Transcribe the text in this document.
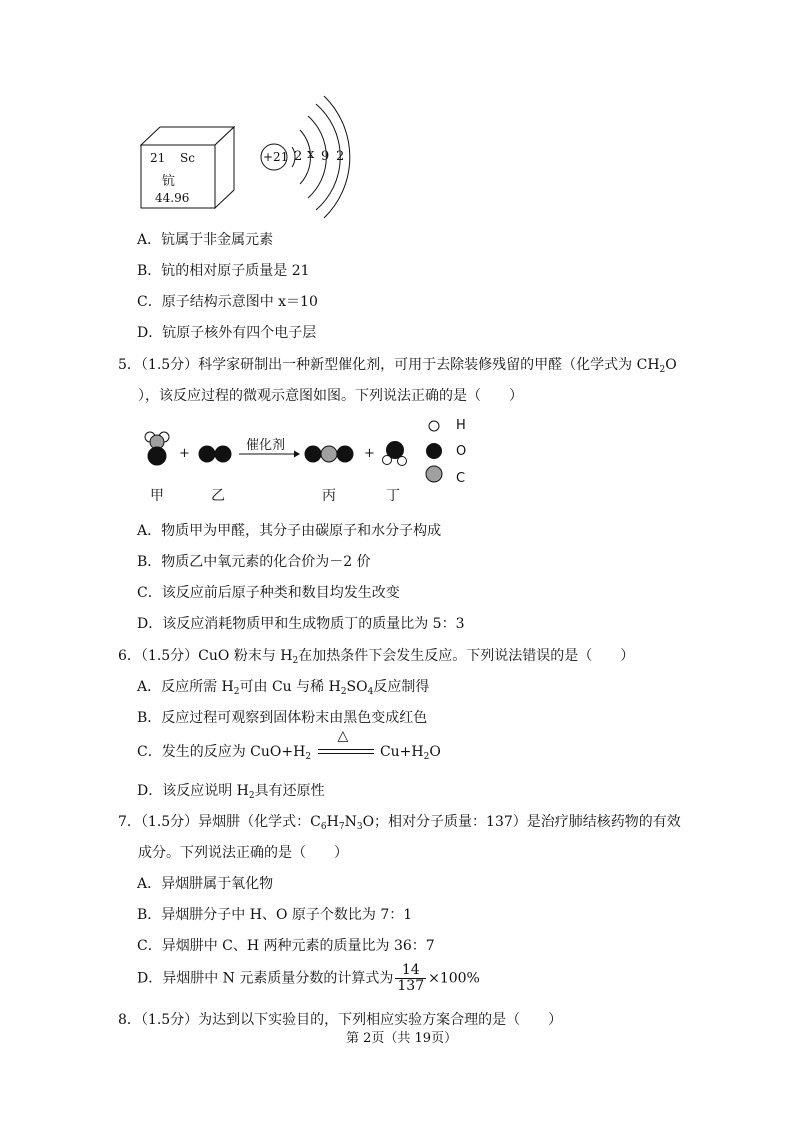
21 Sc
钪
44.96
+21 2 x 9 2
A．钪属于非金属元素
B．钪的相对原子质量是 21
C．原子结构示意图中 x＝10
D．钪原子核外有四个电子层
5．（1.5分）科学家研制出一种新型催化剂，可用于去除装修残留的甲醛（化学式为 $CH_2O$
），该反应过程的微观示意图如图。下列说法正确的是（　　）
+	+
催化剂
H
O
C
甲	乙	丙	丁
A．物质甲为甲醛，其分子由碳原子和水分子构成
B．物质乙中氧元素的化合价为－2 价
C．该反应前后原子种类和数目均发生改变
D．该反应消耗物质甲和生成物质丁的质量比为 5：3
6．（1.5分）CuO 粉末与 $H_2$在加热条件下会发生反应。下列说法错误的是（　　）
A．反应所需 $H_2$可由 Cu 与稀 $H_2SO_4$反应制得
B．反应过程可观察到固体粉末由黑色变成红色
C．发生的反应为 $CuO+H_2$
△
$Cu+H_2O$
D．该反应说明 $H_2$具有还原性
7．（1.5分）异烟肼（化学式：$C_6H_7N_3O$；相对分子质量：137）是治疗肺结核药物的有效
成分。下列说法正确的是（　　）
A．异烟肼属于氧化物
B．异烟肼分子中 H、O 原子个数比为 7：1
C．异烟肼中 C、H 两种元素的质量比为 36：7
D．异烟肼中 N 元素质量分数的计算式为 $\frac{14}{137} \times 100\%$
8．（1.5分）为达到以下实验目的，下列相应实验方案合理的是（　　）
第 2页（共 19页）
